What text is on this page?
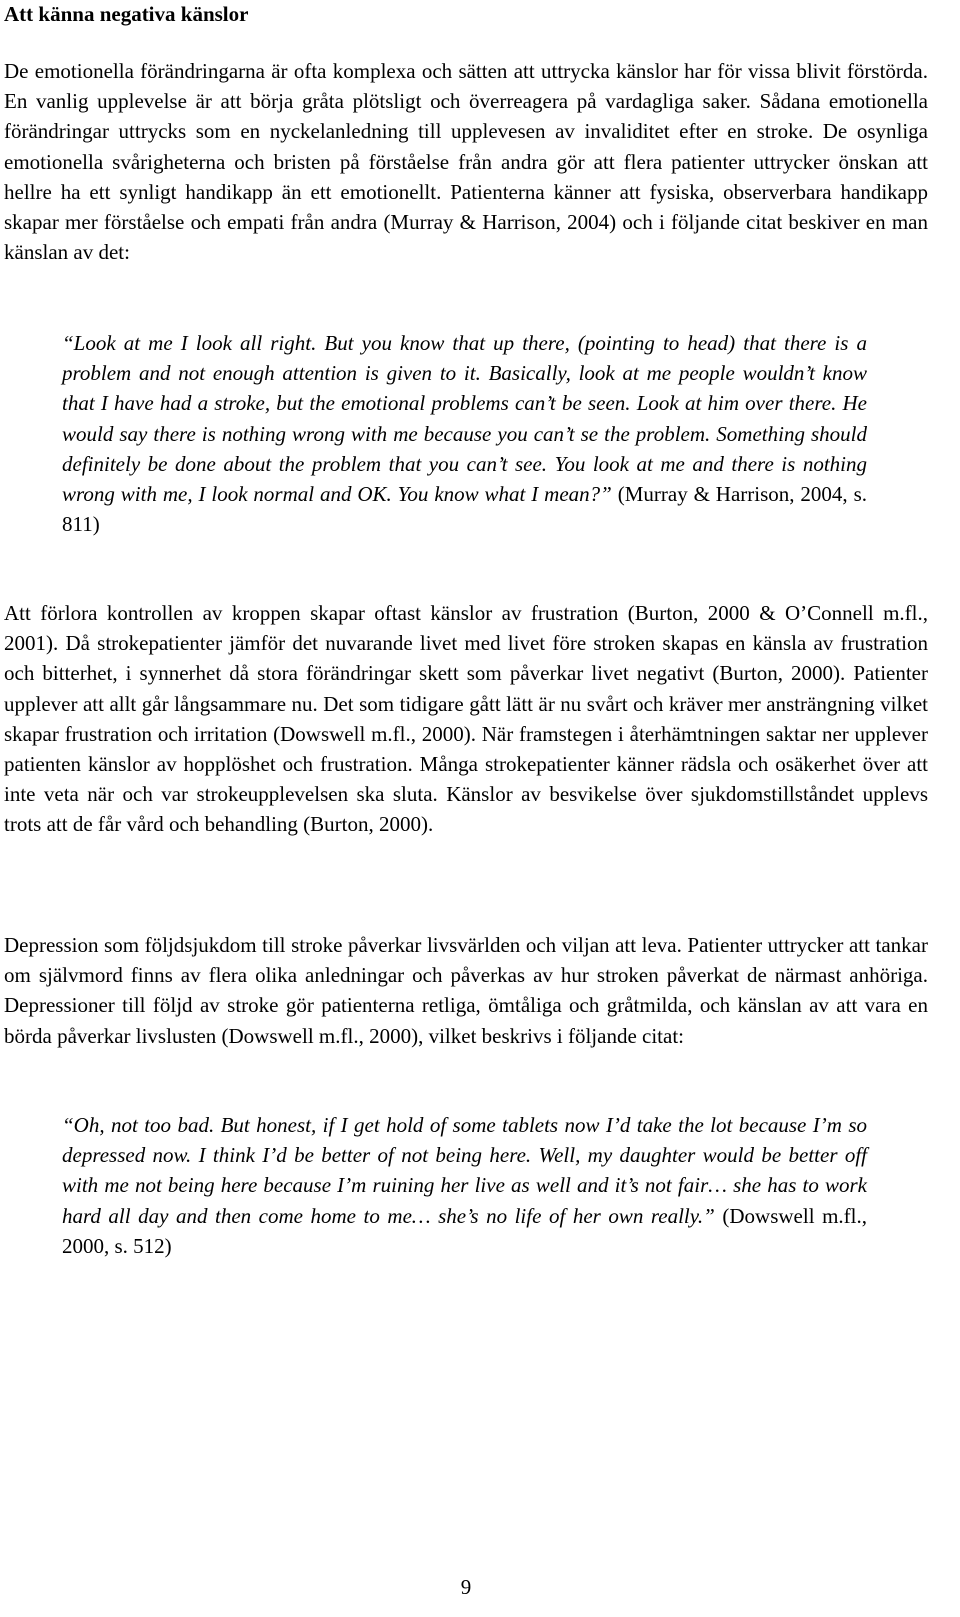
Att känna negativa känslor

De emotionella förändringarna är ofta komplexa och sätten att uttrycka känslor har för vissa blivit förstörda. En vanlig upplevelse är att börja gråta plötsligt och överreagera på vardagliga saker. Sådana emotionella förändringar uttrycks som en nyckelanledning till upplevesen av invaliditet efter en stroke. De osynliga emotionella svårigheterna och bristen på förståelse från andra gör att flera patienter uttrycker önskan att hellre ha ett synligt handikapp än ett emotionellt. Patienterna känner att fysiska, observerbara handikapp skapar mer förståelse och empati från andra (Murray & Harrison, 2004) och i följande citat beskiver en man känslan av det:

“Look at me I look all right. But you know that up there, (pointing to head) that there is a problem and not enough attention is given to it. Basically, look at me people wouldn’t know that I have had a stroke, but the emotional problems can’t be seen. Look at him over there. He would say there is nothing wrong with me because you can’t se the problem. Something should definitely be done about the problem that you can’t see. You look at me and there is nothing wrong with me, I look normal and OK. You know what I mean?” (Murray & Harrison, 2004, s. 811)

Att förlora kontrollen av kroppen skapar oftast känslor av frustration (Burton, 2000 & O’Connell m.fl., 2001). Då strokepatienter jämför det nuvarande livet med livet före stroken skapas en känsla av frustration och bitterhet, i synnerhet då stora förändringar skett som påverkar livet negativt (Burton, 2000). Patienter upplever att allt går långsammare nu. Det som tidigare gått lätt är nu svårt och kräver mer ansträngning vilket skapar frustration och irritation (Dowswell m.fl., 2000). När framstegen i återhämtningen saktar ner upplever patienten känslor av hopplöshet och frustration. Många strokepatienter känner rädsla och osäkerhet över att inte veta när och var strokeupplevelsen ska sluta. Känslor av besvikelse över sjukdomstillståndet upplevs trots att de får vård och behandling (Burton, 2000).

Depression som följdsjukdom till stroke påverkar livsvärlden och viljan att leva. Patienter uttrycker att tankar om självmord finns av flera olika anledningar och påverkas av hur stroken påverkat de närmast anhöriga. Depressioner till följd av stroke gör patienterna retliga, ömtåliga och gråtmilda, och känslan av att vara en börda påverkar livslusten (Dowswell m.fl., 2000), vilket beskrivs i följande citat:

“Oh, not too bad. But honest, if I get hold of some tablets now I’d take the lot because I’m so depressed now. I think I’d be better of not being here. Well, my daughter would be better off with me not being here because I’m ruining her live as well and it’s not fair… she has to work hard all day and then come home to me… she’s no life of her own really.” (Dowswell m.fl., 2000, s. 512)

9
